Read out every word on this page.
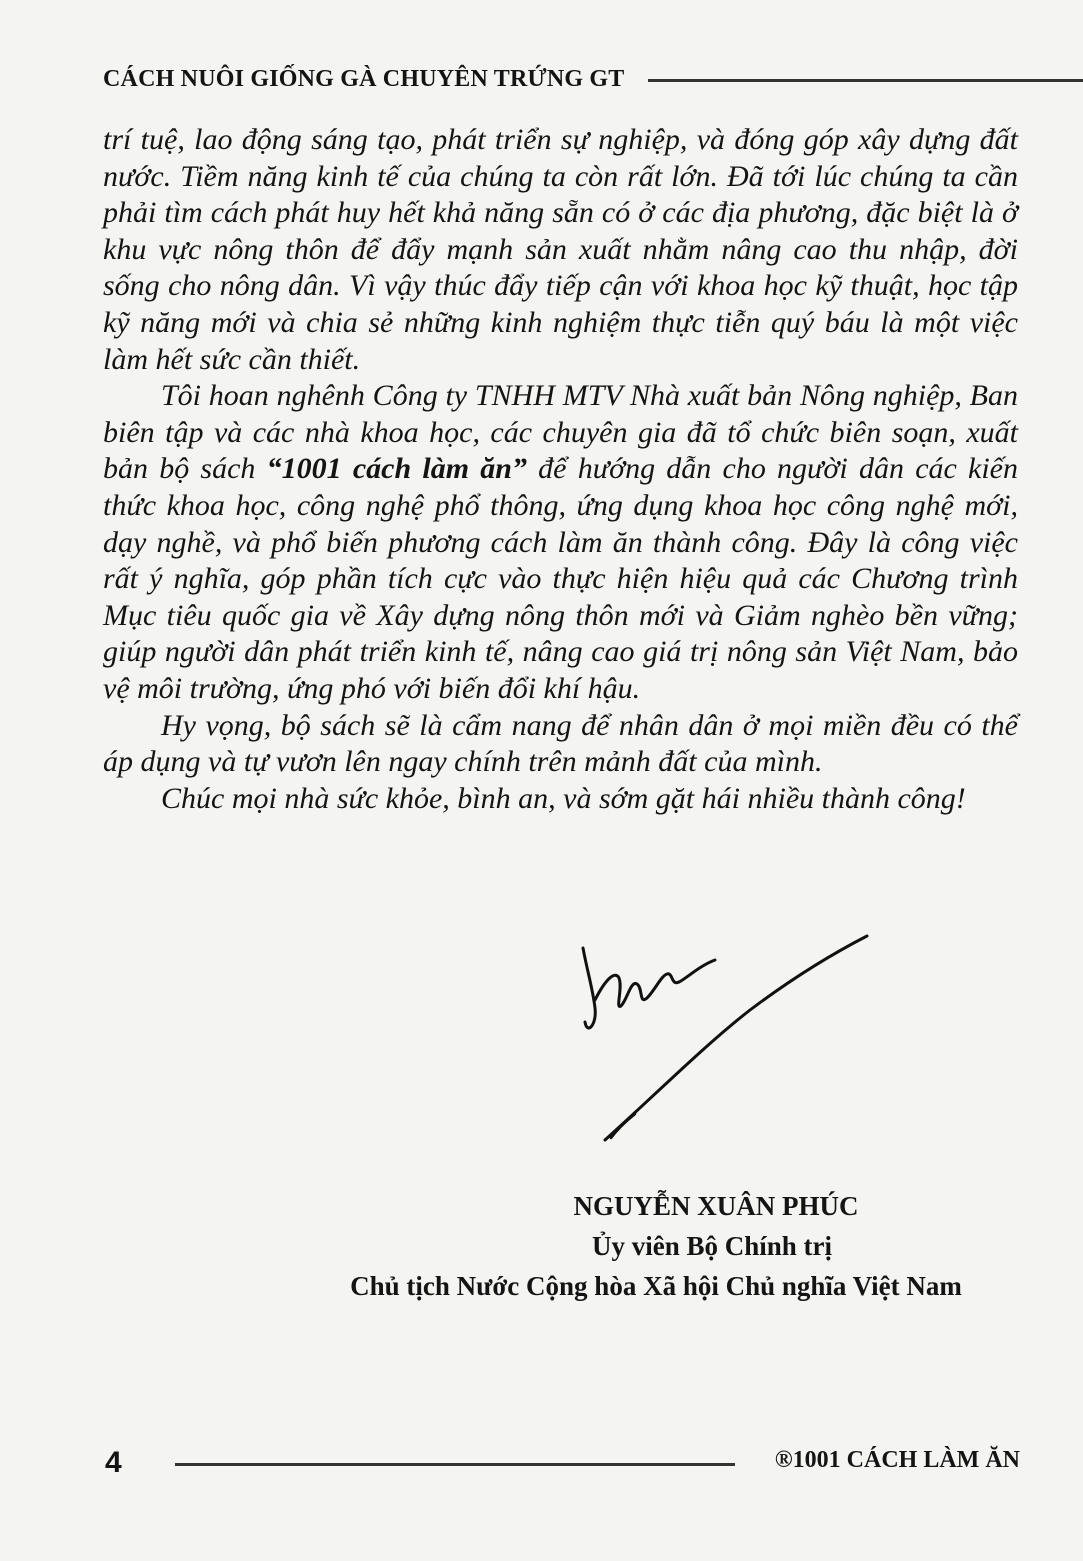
CÁCH NUÔI GIỐNG GÀ CHUYÊN TRỨNG GT

trí tuệ, lao động sáng tạo, phát triển sự nghiệp, và đóng góp xây dựng đất nước. Tiềm năng kinh tế của chúng ta còn rất lớn. Đã tới lúc chúng ta cần phải tìm cách phát huy hết khả năng sẵn có ở các địa phương, đặc biệt là ở khu vực nông thôn để đẩy mạnh sản xuất nhằm nâng cao thu nhập, đời sống cho nông dân. Vì vậy thúc đẩy tiếp cận với khoa học kỹ thuật, học tập kỹ năng mới và chia sẻ những kinh nghiệm thực tiễn quý báu là một việc làm hết sức cần thiết.

Tôi hoan nghênh Công ty TNHH MTV Nhà xuất bản Nông nghiệp, Ban biên tập và các nhà khoa học, các chuyên gia đã tổ chức biên soạn, xuất bản bộ sách “1001 cách làm ăn” để hướng dẫn cho người dân các kiến thức khoa học, công nghệ phổ thông, ứng dụng khoa học công nghệ mới, dạy nghề, và phổ biến phương cách làm ăn thành công. Đây là công việc rất ý nghĩa, góp phần tích cực vào thực hiện hiệu quả các Chương trình Mục tiêu quốc gia về Xây dựng nông thôn mới và Giảm nghèo bền vững; giúp người dân phát triển kinh tế, nâng cao giá trị nông sản Việt Nam, bảo vệ môi trường, ứng phó với biến đổi khí hậu.

Hy vọng, bộ sách sẽ là cẩm nang để nhân dân ở mọi miền đều có thể áp dụng và tự vươn lên ngay chính trên mảnh đất của mình.

Chúc mọi nhà sức khỏe, bình an, và sớm gặt hái nhiều thành công!

NGUYỄN XUÂN PHÚC
Ủy viên Bộ Chính trị
Chủ tịch Nước Cộng hòa Xã hội Chủ nghĩa Việt Nam
4	®1001 CÁCH LÀM ĂN
